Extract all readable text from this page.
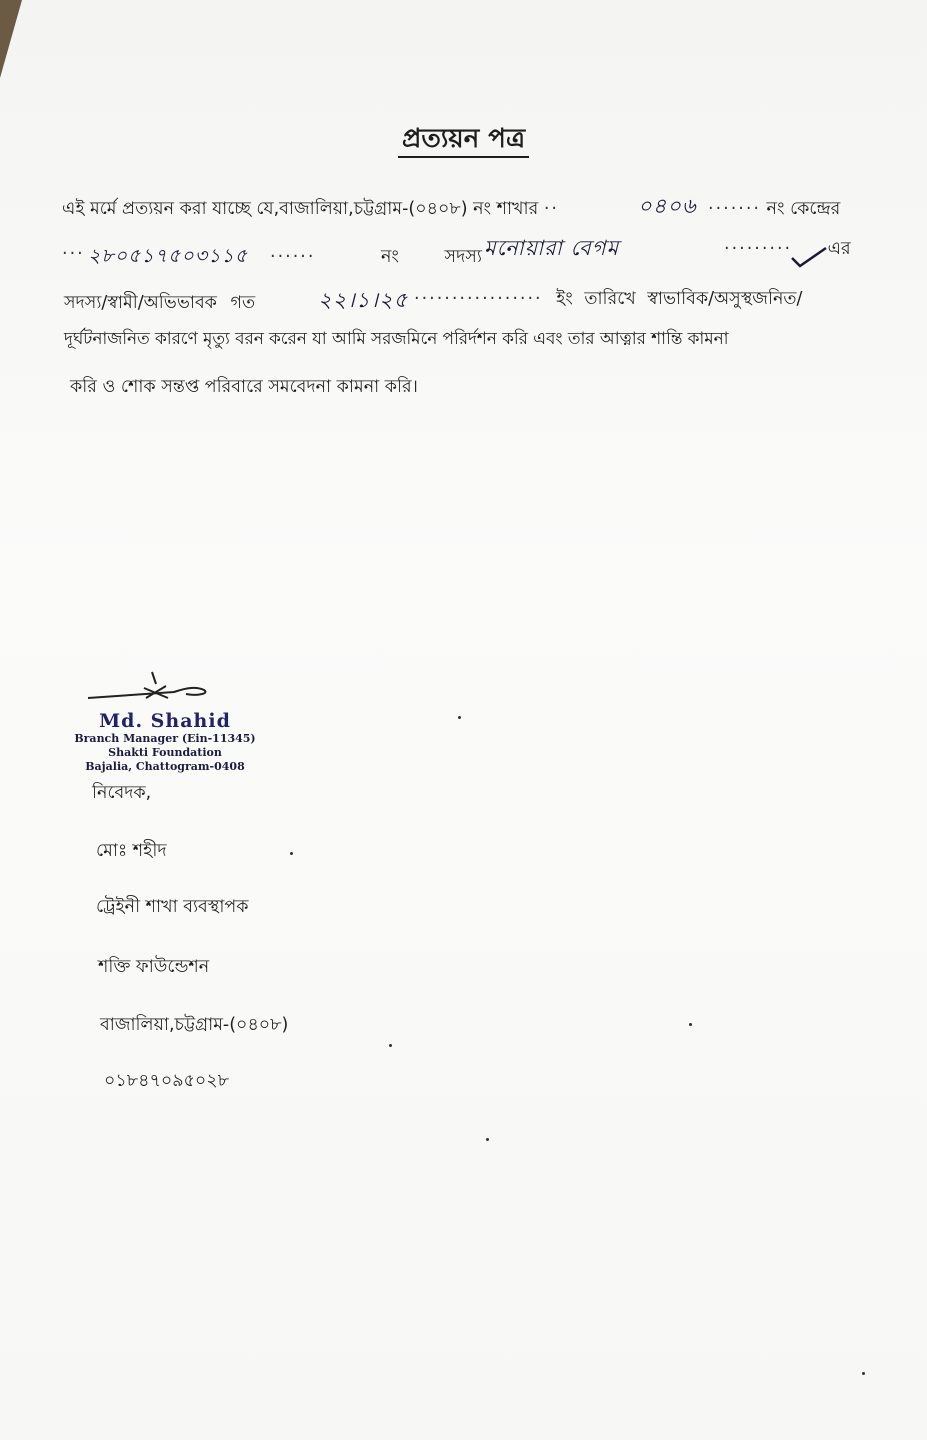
প্রত্যয়ন পত্র
এই মর্মে প্রত্যয়ন করা যাচ্ছে যে,বাজালিয়া,চট্টগ্রাম-(০৪০৮) নং শাখার ··	০৪০৬ ······· নং কেন্দ্রের
··· ২৮০৫১৭৫০৩১১৫ ······	নং সদস্য মনোয়ারা বেগম	········· এর
সদস্য/স্বামী/অভিভাবক গত	২২।১।২৫ ················· ইং তারিখে স্বাভাবিক/অসুস্থজনিত/
দূর্ঘটনাজনিত কারণে মৃত্যু বরন করেন যা আমি সরজমিনে পরির্দশন করি এবং তার আত্নার শান্তি কামনা
করি ও শোক সন্তপ্ত পরিবারে সমবেদনা কামনা করি।
Md. Shahid
Branch Manager (Ein-11345)
Shakti Foundation
Bajalia, Chattogram-0408
নিবেদক,
মোঃ শহীদ
ট্রেইনী শাখা ব্যবস্থাপক
শক্তি ফাউন্ডেশন
বাজালিয়া,চট্টগ্রাম-(০৪০৮)
০১৮৪৭০৯৫০২৮
